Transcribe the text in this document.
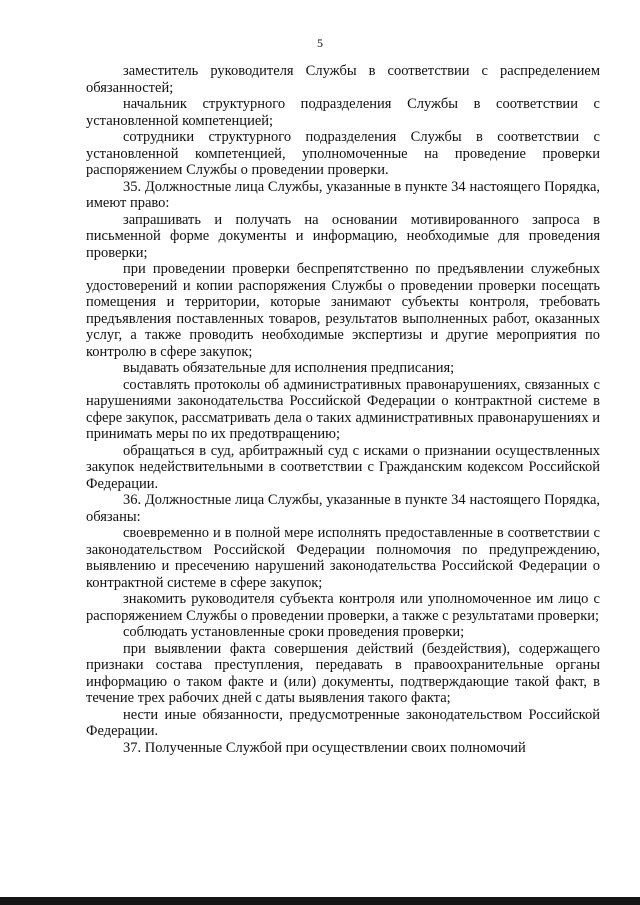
5

заместитель руководителя Службы в соответствии с распределением обязанностей;

начальник структурного подразделения Службы в соответствии с установленной компетенцией;

сотрудники структурного подразделения Службы в соответствии с установленной компетенцией, уполномоченные на проведение проверки распоряжением Службы о проведении проверки.

35. Должностные лица Службы, указанные в пункте 34 настоящего Порядка, имеют право:

запрашивать и получать на основании мотивированного запроса в письменной форме документы и информацию, необходимые для проведения проверки;

при проведении проверки беспрепятственно по предъявлении служебных удостоверений и копии распоряжения Службы о проведении проверки посещать помещения и территории, которые занимают субъекты контроля, требовать предъявления поставленных товаров, результатов выполненных работ, оказанных услуг, а также проводить необходимые экспертизы и другие мероприятия по контролю в сфере закупок;

выдавать обязательные для исполнения предписания;

составлять протоколы об административных правонарушениях, связанных с нарушениями законодательства Российской Федерации о контрактной системе в сфере закупок, рассматривать дела о таких административных правонарушениях и принимать меры по их предотвращению;

обращаться в суд, арбитражный суд с исками о признании осуществленных закупок недействительными в соответствии с Гражданским кодексом Российской Федерации.

36. Должностные лица Службы, указанные в пункте 34 настоящего Порядка, обязаны:

своевременно и в полной мере исполнять предоставленные в соответствии с законодательством Российской Федерации полномочия по предупреждению, выявлению и пресечению нарушений законодательства Российской Федерации о контрактной системе в сфере закупок;

знакомить руководителя субъекта контроля или уполномоченное им лицо с распоряжением Службы о проведении проверки, а также с результатами проверки;

соблюдать установленные сроки проведения проверки;

при выявлении факта совершения действий (бездействия), содержащего признаки состава преступления, передавать в правоохранительные органы информацию о таком факте и (или) документы, подтверждающие такой факт, в течение трех рабочих дней с даты выявления такого факта;

нести иные обязанности, предусмотренные законодательством Российской Федерации.

37. Полученные Службой при осуществлении своих полномочий
